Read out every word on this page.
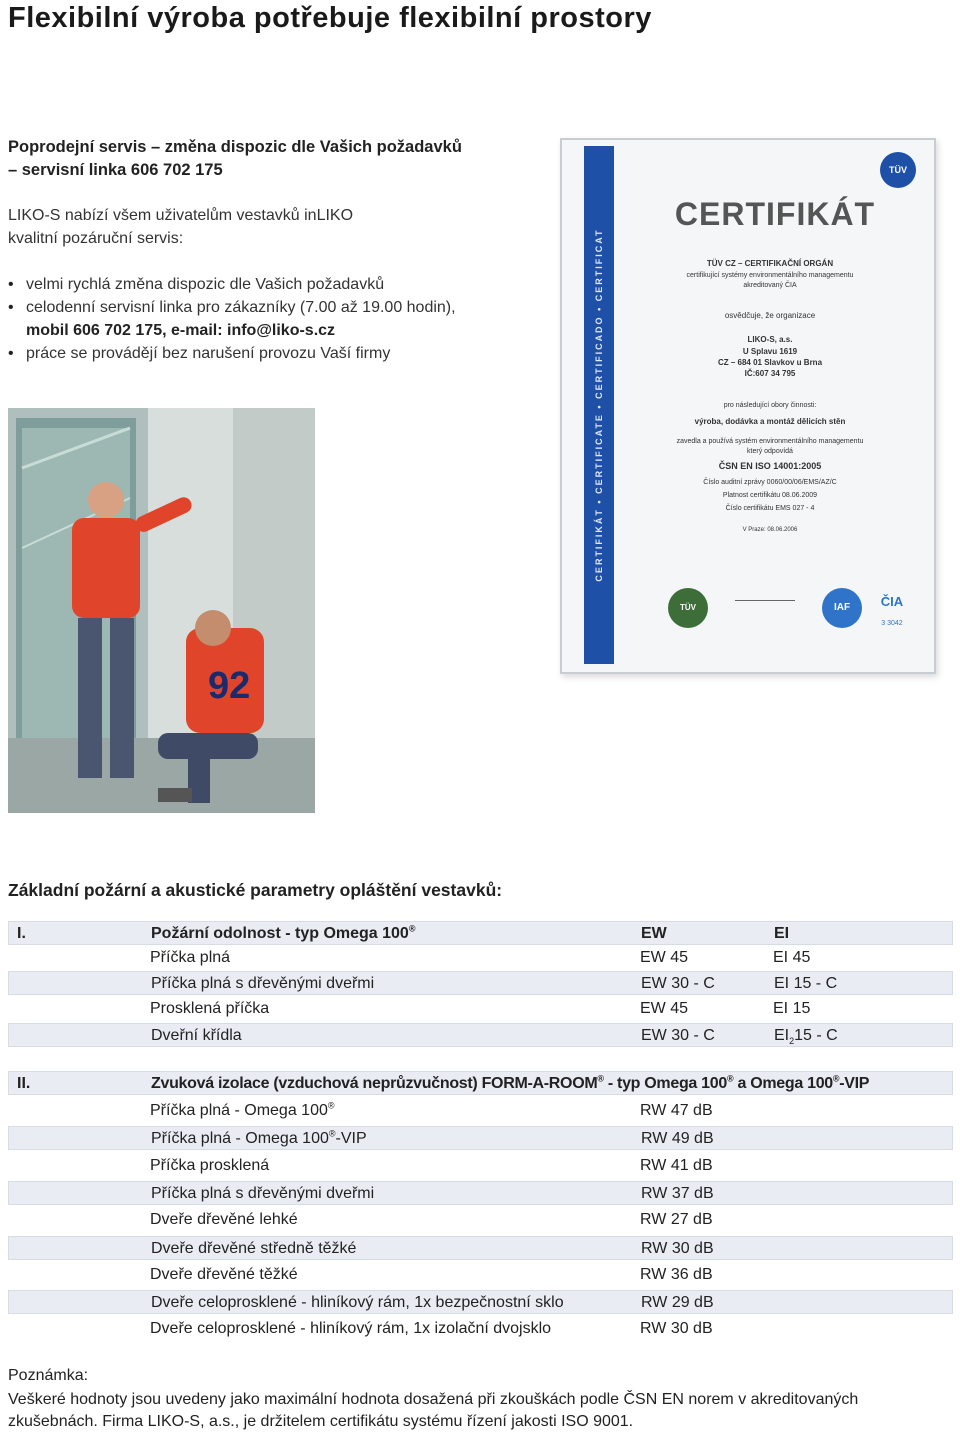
Flexibilní výroba potřebuje flexibilní prostory
Poprodejní servis – změna dispozic dle Vašich požadavků
– servisní linka 606 702 175
LIKO-S nabízí všem uživatelům vestavků inLIKO
kvalitní pozáruční servis:
• velmi rychlá změna dispozic dle Vašich požadavků
• celodenní servisní linka pro zákazníky (7.00 až 19.00 hodin),
mobil 606 702 175, e-mail: info@liko-s.cz
• práce se provádějí bez narušení provozu Vaší firmy	CERTIFIKÁT • CERTIFICATE • CERTIFICADO • CERTIFICAT
TÜV
CERTIFIKÁT
TÜV CZ – CERTIFIKAČNÍ ORGÁN
certifikující systémy environmentálního managementu
akreditovaný ČIA
osvědčuje, že organizace
LIKO-S, a.s.
U Splavu 1619
CZ – 684 01 Slavkov u Brna
IČ:607 34 795
pro následující obory činnosti:
výroba, dodávka a montáž dělicích stěn
zavedla a používá systém environmentálního managementu
který odpovídá
ČSN EN ISO 14001:2005
Číslo auditní zprávy 0060/00/06/EMS/AZ/C
Platnost certifikátu 08.06.2009
Číslo certifikátu EMS 027 - 4
V Praze: 08.06.2006
TÜV	IAF	ČIA
3 3042
92
Základní požární a akustické parametry opláštění vestavků:
I.	Požární odolnost - typ Omega 100®	EW	EI
Příčka plná	EW 45	EI 45
Příčka plná s dřevěnými dveřmi	EW 30 - C	EI 15 - C
Prosklená příčka	EW 45	EI 15
Dveřní křídla	EW 30 - C	$EI_215$ - C
II.	Zvuková izolace (vzduchová neprůzvučnost) FORM-A-ROOM® - typ Omega 100® a Omega 100®-VIP
Příčka plná - Omega 100®	RW 47 dB
Příčka plná - Omega 100®-VIP	RW 49 dB
Příčka prosklená	RW 41 dB
Příčka plná s dřevěnými dveřmi	RW 37 dB
Dveře dřevěné lehké	RW 27 dB
Dveře dřevěné středně těžké	RW 30 dB
Dveře dřevěné těžké	RW 36 dB
Dveře celoprosklené - hliníkový rám, 1x bezpečnostní sklo	RW 29 dB
Dveře celoprosklené - hliníkový rám, 1x izolační dvojsklo	RW 30 dB
Poznámka:
Veškeré hodnoty jsou uvedeny jako maximální hodnota dosažená při zkouškách podle ČSN EN norem v akreditovaných
zkušebnách. Firma LIKO-S, a.s., je držitelem certifikátu systému řízení jakosti ISO 9001.
